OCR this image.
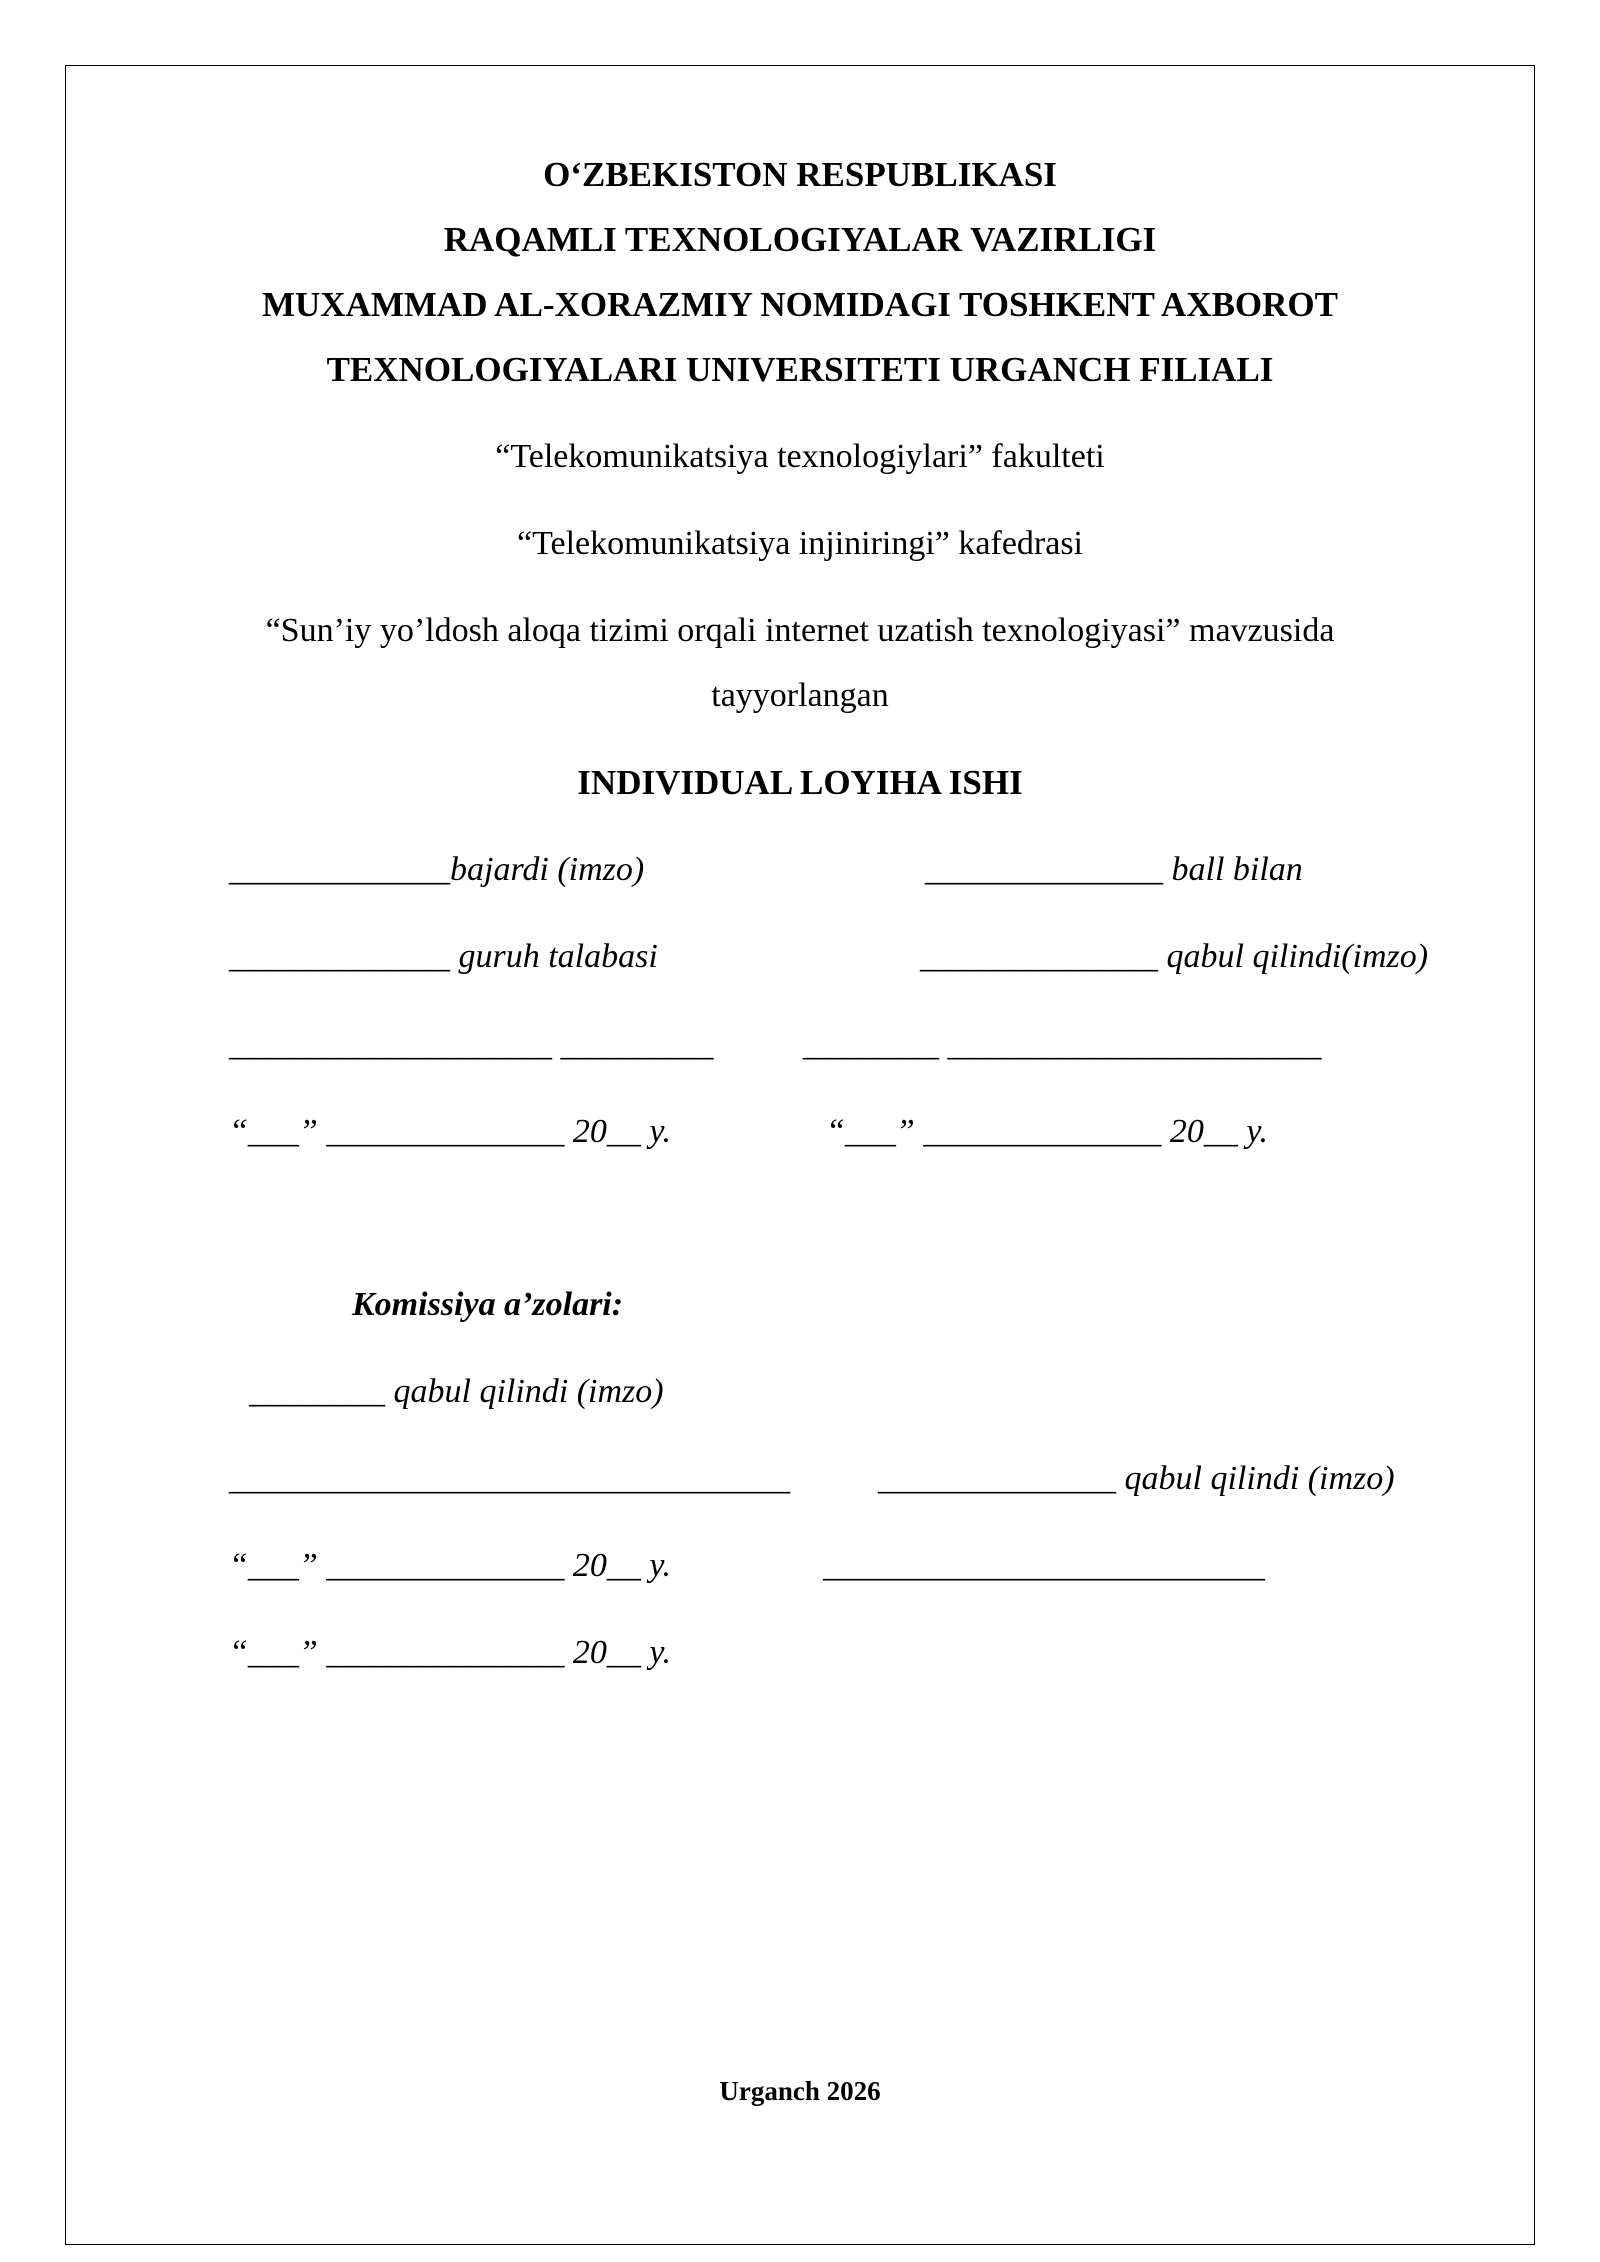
O‘ZBEKISTON RESPUBLIKASI
RAQAMLI TEXNOLOGIYALAR VAZIRLIGI
MUXAMMAD AL-XORAZMIY NOMIDAGI TOSHKENT AXBOROT
TEXNOLOGIYALARI UNIVERSITETI URGANCH FILIALI
“Telekomunikatsiya texnologiylari” fakulteti
“Telekomunikatsiya injiniringi” kafedrasi
“Sun’iy yo’ldosh aloqa tizimi orqali internet uzatish texnologiyasi” mavzusida
tayyorlangan
INDIVIDUAL LOYIHA ISHI
_____________bajardi (imzo)	______________ ball bilan
_____________ guruh talabasi	______________ qabul qilindi(imzo)
___________________ _________	________ ______________________
“___” ______________ 20__ y.	“___” ______________ 20__ y.
Komissiya a’zolari:
________ qabul qilindi (imzo)
_________________________________	______________ qabul qilindi (imzo)
“___” ______________ 20__ y.	__________________________
“___” ______________ 20__ y.
Urganch 2026
